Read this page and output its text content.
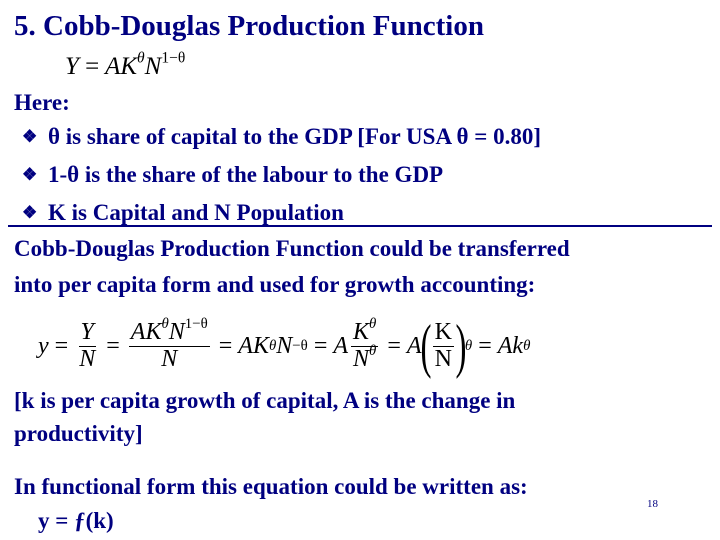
5. Cobb-Douglas Production Function
$Y = AK^\theta N^{1-\theta}$
Here:
❖ θ is share of capital to the GDP [For USA θ = 0.80]
❖ 1-θ is the share of the labour to the GDP
❖ K is Capital and N Population
Cobb-Douglas Production Function could be transferred
into per capita form and used for growth accounting:
$y = \frac{Y}{N} = \frac{AK^\theta N^{1-\theta}}{N} = A$ K θ N −θ = A $\frac{K^\theta}{N^\theta} = A$
( $\frac{K}{N}$ )
θ = A k θ
[k is per capita growth of capital, A is the change in
productivity]
In functional form this equation could be written as:
y = ƒ(k)
18
